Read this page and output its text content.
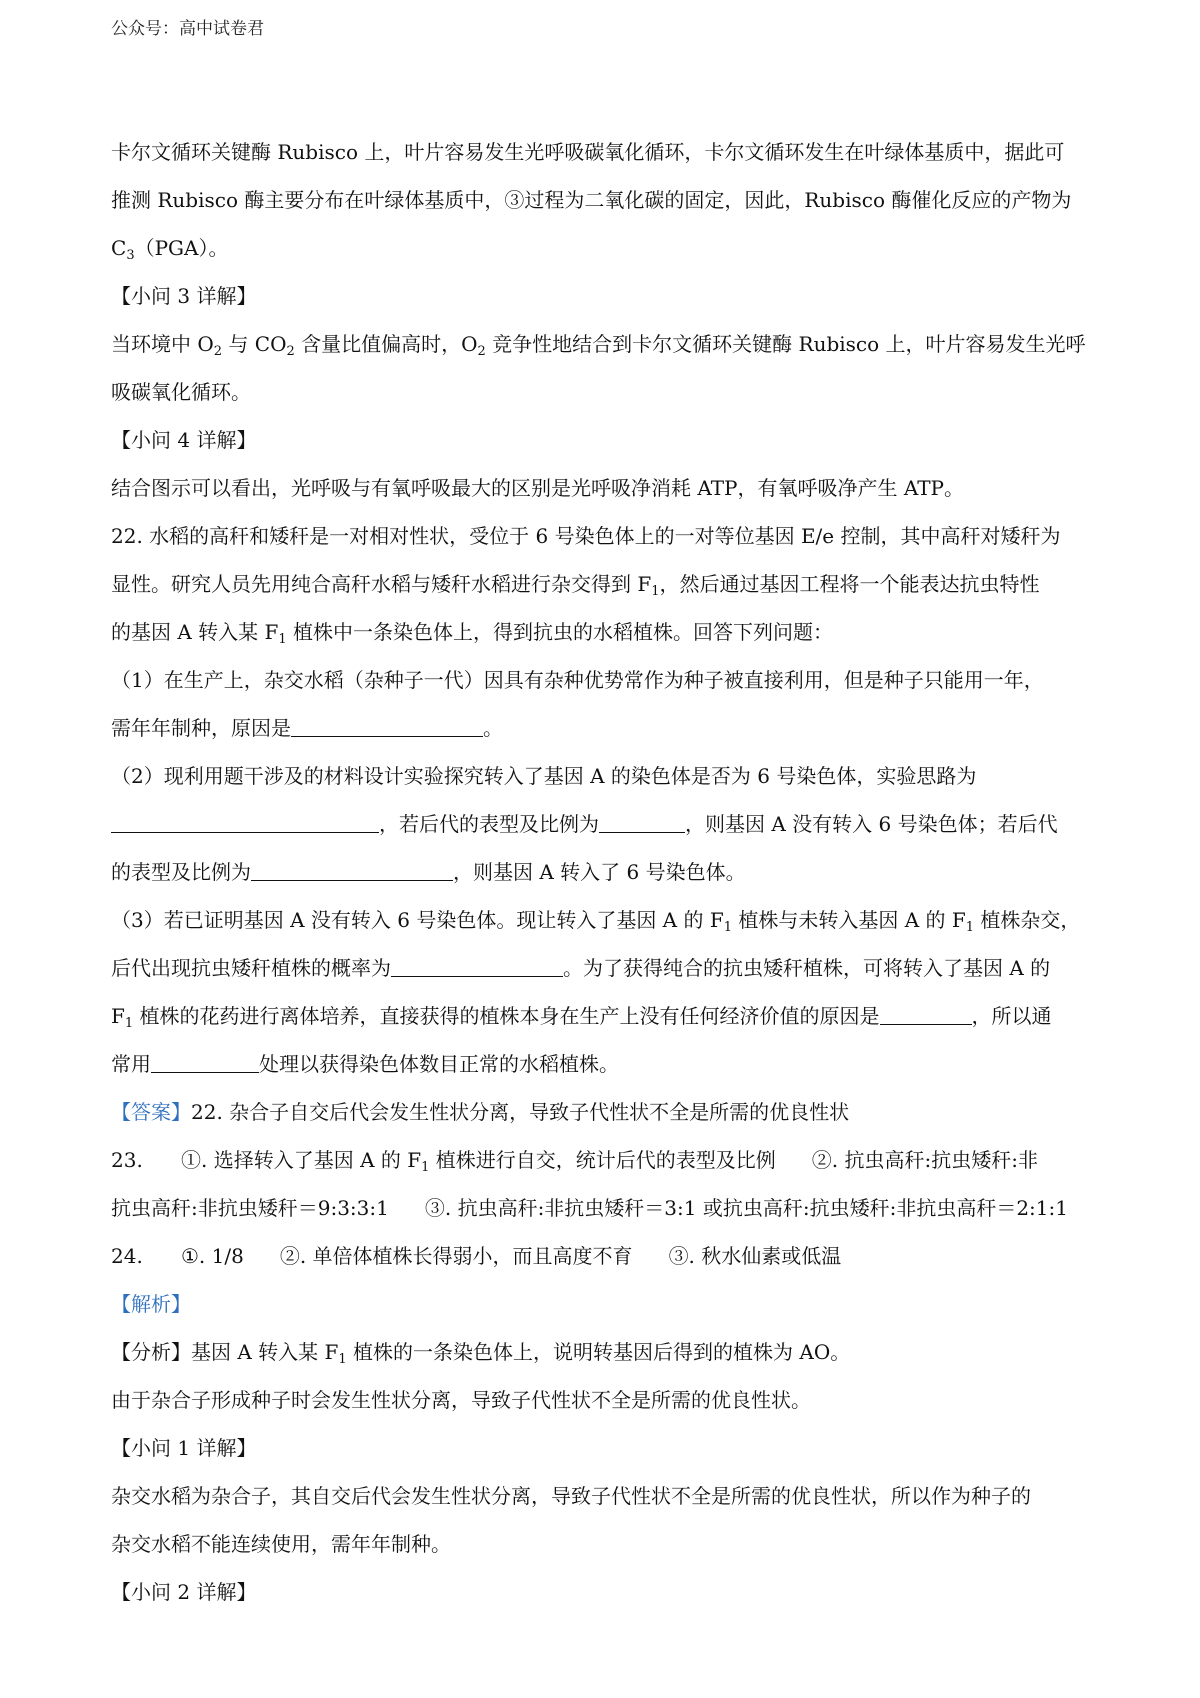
公众号：高中试卷君
卡尔文循环关键酶 Rubisco 上，叶片容易发生光呼吸碳氧化循环，卡尔文循环发生在叶绿体基质中，据此可
推测 Rubisco 酶主要分布在叶绿体基质中，③过程为二氧化碳的固定，因此，Rubisco 酶催化反应的产物为
$C_3(PGA)$。
【小问 3 详解】
当环境中 $O_2$ 与 $CO_2$ 含量比值偏高时，$O_2$ 竞争性地结合到卡尔文循环关键酶 Rubisco 上，叶片容易发生光呼
吸碳氧化循环。
【小问 4 详解】
结合图示可以看出，光呼吸与有氧呼吸最大的区别是光呼吸净消耗 ATP，有氧呼吸净产生 ATP。
22. 水稻的高秆和矮秆是一对相对性状，受位于 6 号染色体上的一对等位基因 E/e 控制，其中高秆对矮秆为
显性。研究人员先用纯合高秆水稻与矮秆水稻进行杂交得到 $F_1$，然后通过基因工程将一个能表达抗虫特性
的基因 A 转入某 $F_1$ 植株中一条染色体上，得到抗虫的水稻植株。回答下列问题：
（1）在生产上，杂交水稻（杂种子一代）因具有杂种优势常作为种子被直接利用，但是种子只能用一年，
需年年制种，原因是	。
（2）现利用题干涉及的材料设计实验探究转入了基因 A 的染色体是否为 6 号染色体，实验思路为
，若后代的表型及比例为	，则基因 A 没有转入 6 号染色体；若后代
的表型及比例为	，则基因 A 转入了 6 号染色体。
（3）若已证明基因 A 没有转入 6 号染色体。现让转入了基因 A 的 $F_1$ 植株与未转入基因 A 的 $F_1$ 植株杂交，
后代出现抗虫矮秆植株的概率为	。为了获得纯合的抗虫矮秆植株，可将转入了基因 A 的
$F_1$ 植株的花药进行离体培养，直接获得的植株本身在生产上没有任何经济价值的原因是	，所以通
常用	处理以获得染色体数目正常的水稻植株。
【答案】22. 杂合子自交后代会发生性状分离，导致子代性状不全是所需的优良性状
23. ①. 选择转入了基因 A 的 $F_1$ 植株进行自交，统计后代的表型及比例 ②. 抗虫高秆:抗虫矮秆:非
抗虫高秆:非抗虫矮秆＝9:3:3:1 ③. 抗虫高秆:非抗虫矮秆＝3:1 或抗虫高秆:抗虫矮秆:非抗虫高秆＝2:1:1
24. ①. 1/8 ②. 单倍体植株长得弱小，而且高度不育 ③. 秋水仙素或低温
【解析】
【分析】基因 A 转入某 $F_1$ 植株的一条染色体上，说明转基因后得到的植株为 AO。
由于杂合子形成种子时会发生性状分离，导致子代性状不全是所需的优良性状。
【小问 1 详解】
杂交水稻为杂合子，其自交后代会发生性状分离，导致子代性状不全是所需的优良性状，所以作为种子的
杂交水稻不能连续使用，需年年制种。
【小问 2 详解】
